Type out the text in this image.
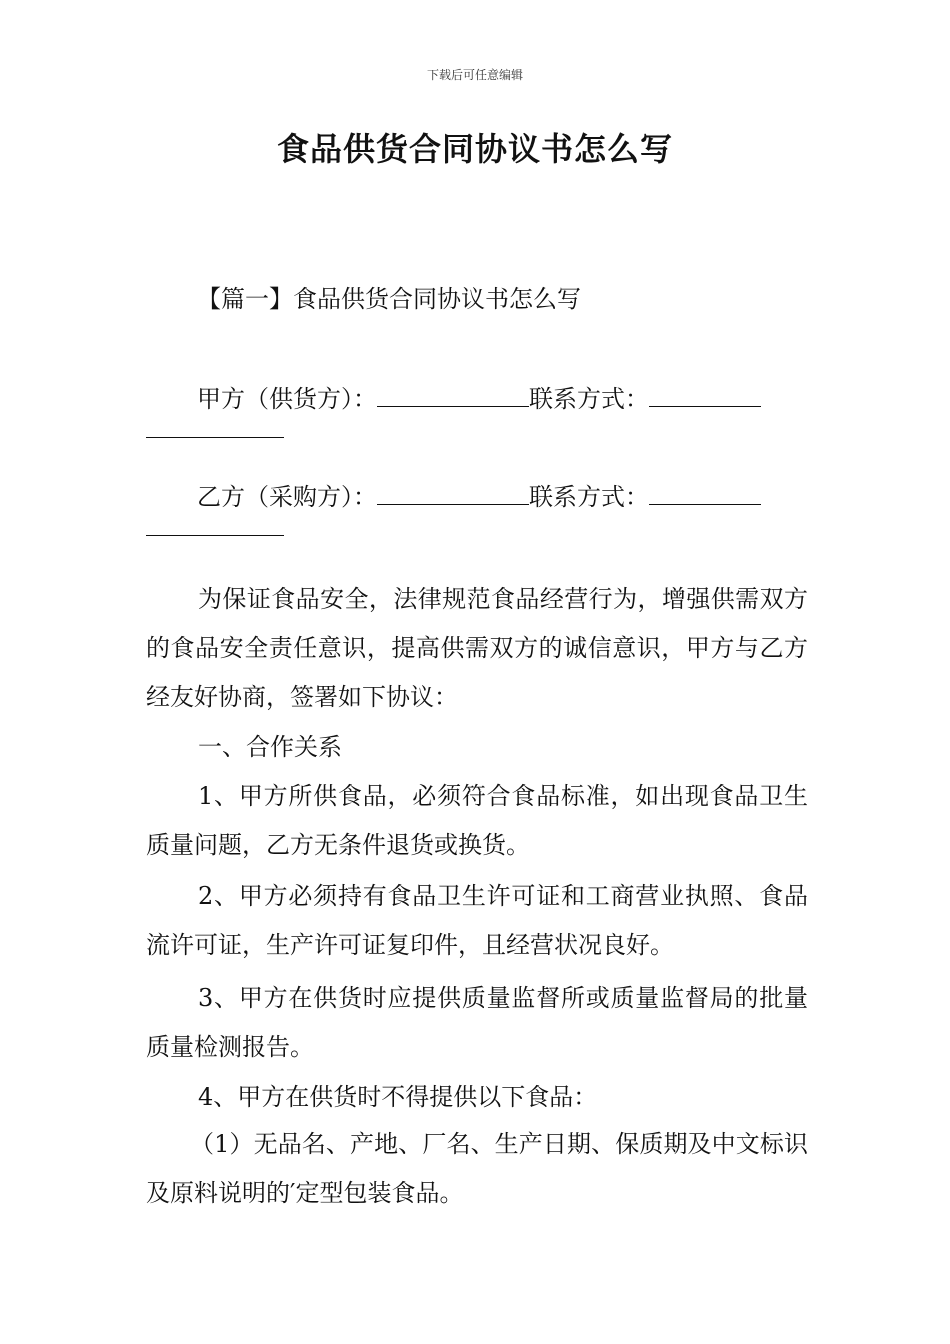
下载后可任意编辑
食品供货合同协议书怎么写
【篇一】食品供货合同协议书怎么写
甲方（供货方）：	联系方式：
乙方（采购方）：	联系方式：
为保证食品安全，法律规范食品经营行为，增强供需双方的食品安全责任意识，提高供需双方的诚信意识，甲方与乙方经友好协商，签署如下协议：
一、合作关系
1、甲方所供食品，必须符合食品标准，如出现食品卫生质量问题，乙方无条件退货或换货。
2、甲方必须持有食品卫生许可证和工商营业执照、食品流许可证，生产许可证复印件，且经营状况良好。
3、甲方在供货时应提供质量监督所或质量监督局的批量质量检测报告。
4、甲方在供货时不得提供以下食品：
（1）无品名、产地、厂名、生产日期、保质期及中文标识及原料说明的′定型包装食品。
